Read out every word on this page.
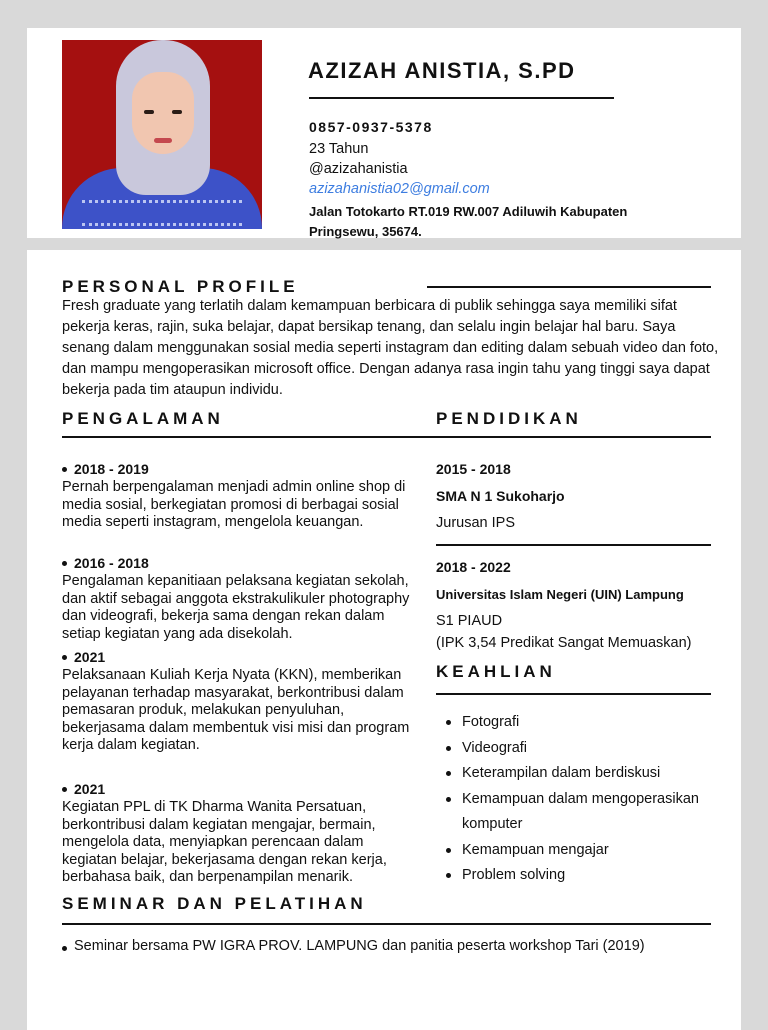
AZIZAH ANISTIA, S.PD
0857-0937-5378
23 Tahun
@azizahanistia
azizahanistia02@gmail.com
Jalan Totokarto RT.019 RW.007 Adiluwih Kabupaten Pringsewu, 35674.
PERSONAL PROFILE
Fresh graduate yang terlatih dalam kemampuan berbicara di publik sehingga saya memiliki sifat pekerja keras, rajin, suka belajar, dapat bersikap tenang, dan selalu ingin belajar hal baru. Saya senang dalam menggunakan sosial media seperti instagram dan editing dalam sebuah video dan foto, dan mampu mengoperasikan microsoft office. Dengan adanya rasa ingin tahu yang tinggi saya dapat bekerja pada tim ataupun individu.
PENGALAMAN	PENDIDIKAN
2018 - 2019
Pernah berpengalaman menjadi admin online shop di media sosial, berkegiatan promosi di berbagai sosial media seperti instagram, mengelola keuangan.
2016 - 2018
Pengalaman kepanitiaan pelaksana kegiatan sekolah, dan aktif sebagai anggota ekstrakulikuler photography dan videografi, bekerja sama dengan rekan dalam setiap kegiatan yang ada disekolah.
2021
Pelaksanaan Kuliah Kerja Nyata (KKN), memberikan pelayanan terhadap masyarakat, berkontribusi dalam pemasaran produk, melakukan penyuluhan, bekerjasama dalam membentuk visi misi dan program kerja dalam kegiatan.
2021
Kegiatan PPL di TK Dharma Wanita Persatuan, berkontribusi dalam kegiatan mengajar, bermain, mengelola data, menyiapkan perencaan dalam kegiatan belajar, bekerjasama dengan rekan kerja, berbahasa baik, dan berpenampilan menarik.
2015 - 2018
SMA N 1 Sukoharjo
Jurusan IPS
2018 - 2022
Universitas Islam Negeri (UIN) Lampung
S1 PIAUD
(IPK 3,54 Predikat Sangat Memuaskan)
KEAHLIAN
Fotografi
Videografi
Keterampilan dalam berdiskusi
Kemampuan dalam mengoperasikan komputer
Kemampuan mengajar
Problem solving
SEMINAR DAN PELATIHAN
Seminar bersama PW IGRA PROV. LAMPUNG dan panitia peserta workshop Tari (2019)
